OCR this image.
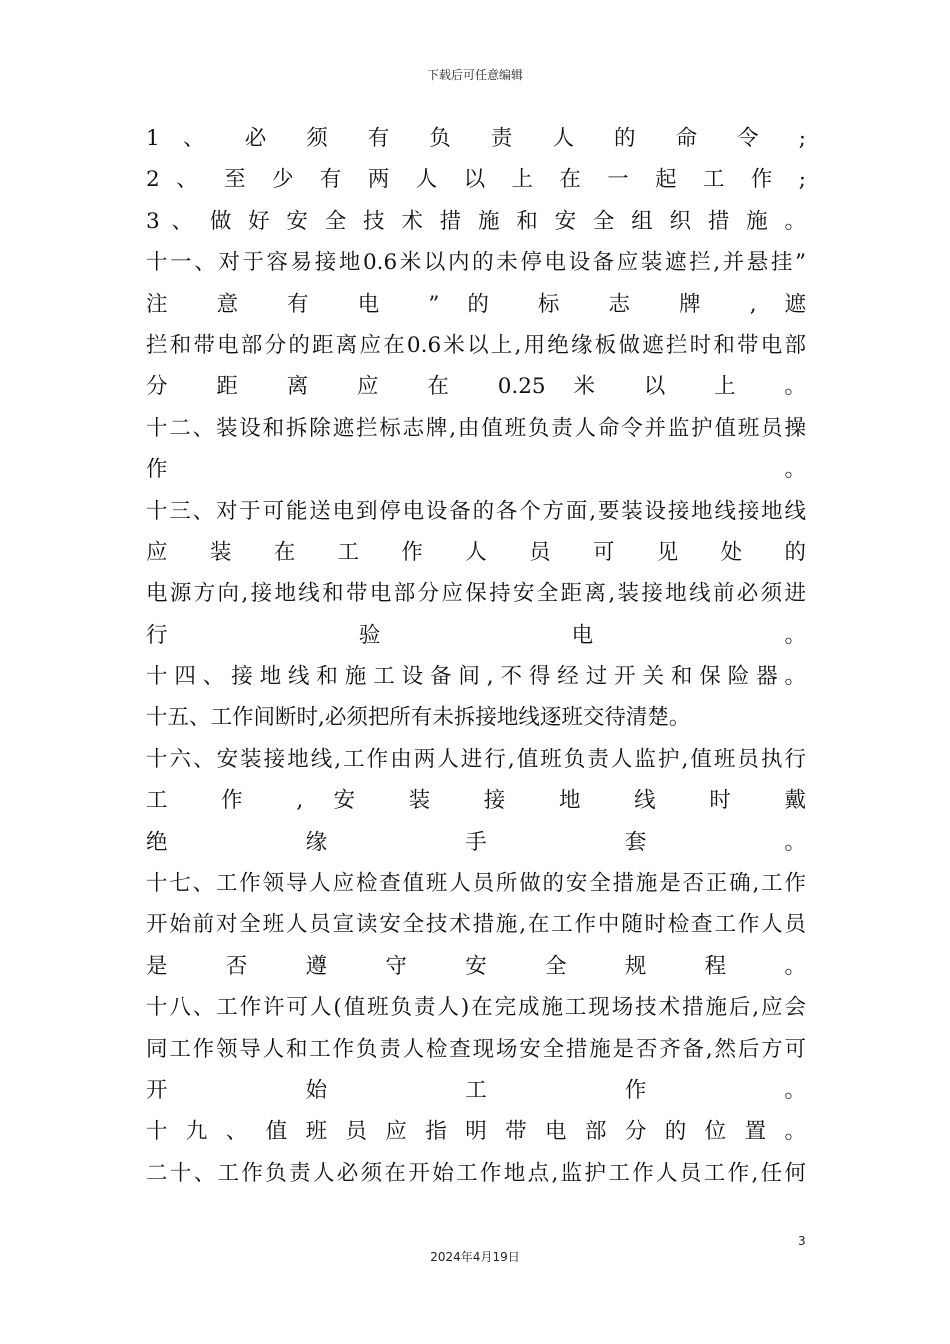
下载后可任意编辑
1 、 必 须 有 负 责 人 的 命 令 ;
2 、 至 少 有 两 人 以 上 在 一 起 工 作 ;
3 、 做 好 安 全 技 术 措 施 和 安 全 组 织 措 施 。
十一、对于容易接地0.6米以内的未停电设备应装遮拦,并悬挂”
注 意 有 电 ” 的 标 志 牌 , 遮
拦和带电部分的距离应在0.6米以上,用绝缘板做遮拦时和带电部
分 距 离 应 在 0.25 米 以 上 。
十二、装设和拆除遮拦标志牌,由值班负责人命令并监护值班员操
作 。
十三、对于可能送电到停电设备的各个方面,要装设接地线接地线
应 装 在 工 作 人 员 可 见 处 的
电源方向,接地线和带电部分应保持安全距离,装接地线前必须进
行 验 电 。
十 四 、 接 地 线 和 施 工 设 备 间 , 不 得 经 过 开 关 和 保 险 器 。
十五、工作间断时,必须把所有未拆接地线逐班交待清楚。
十六、安装接地线,工作由两人进行,值班负责人监护,值班员执行
工 作 , 安 装 接 地 线 时 戴
绝 缘 手 套 。
十七、工作领导人应检查值班人员所做的安全措施是否正确,工作
开始前对全班人员宣读安全技术措施,在工作中随时检查工作人员
是 否 遵 守 安 全 规 程 。
十八、工作许可人(值班负责人)在完成施工现场技术措施后,应会
同工作领导人和工作负责人检查现场安全措施是否齐备,然后方可
开 始 工 作 。
十 九 、 值 班 员 应 指 明 带 电 部 分 的 位 置 。
二十、工作负责人必须在开始工作地点,监护工作人员工作,任何
3
2024年4月19日
